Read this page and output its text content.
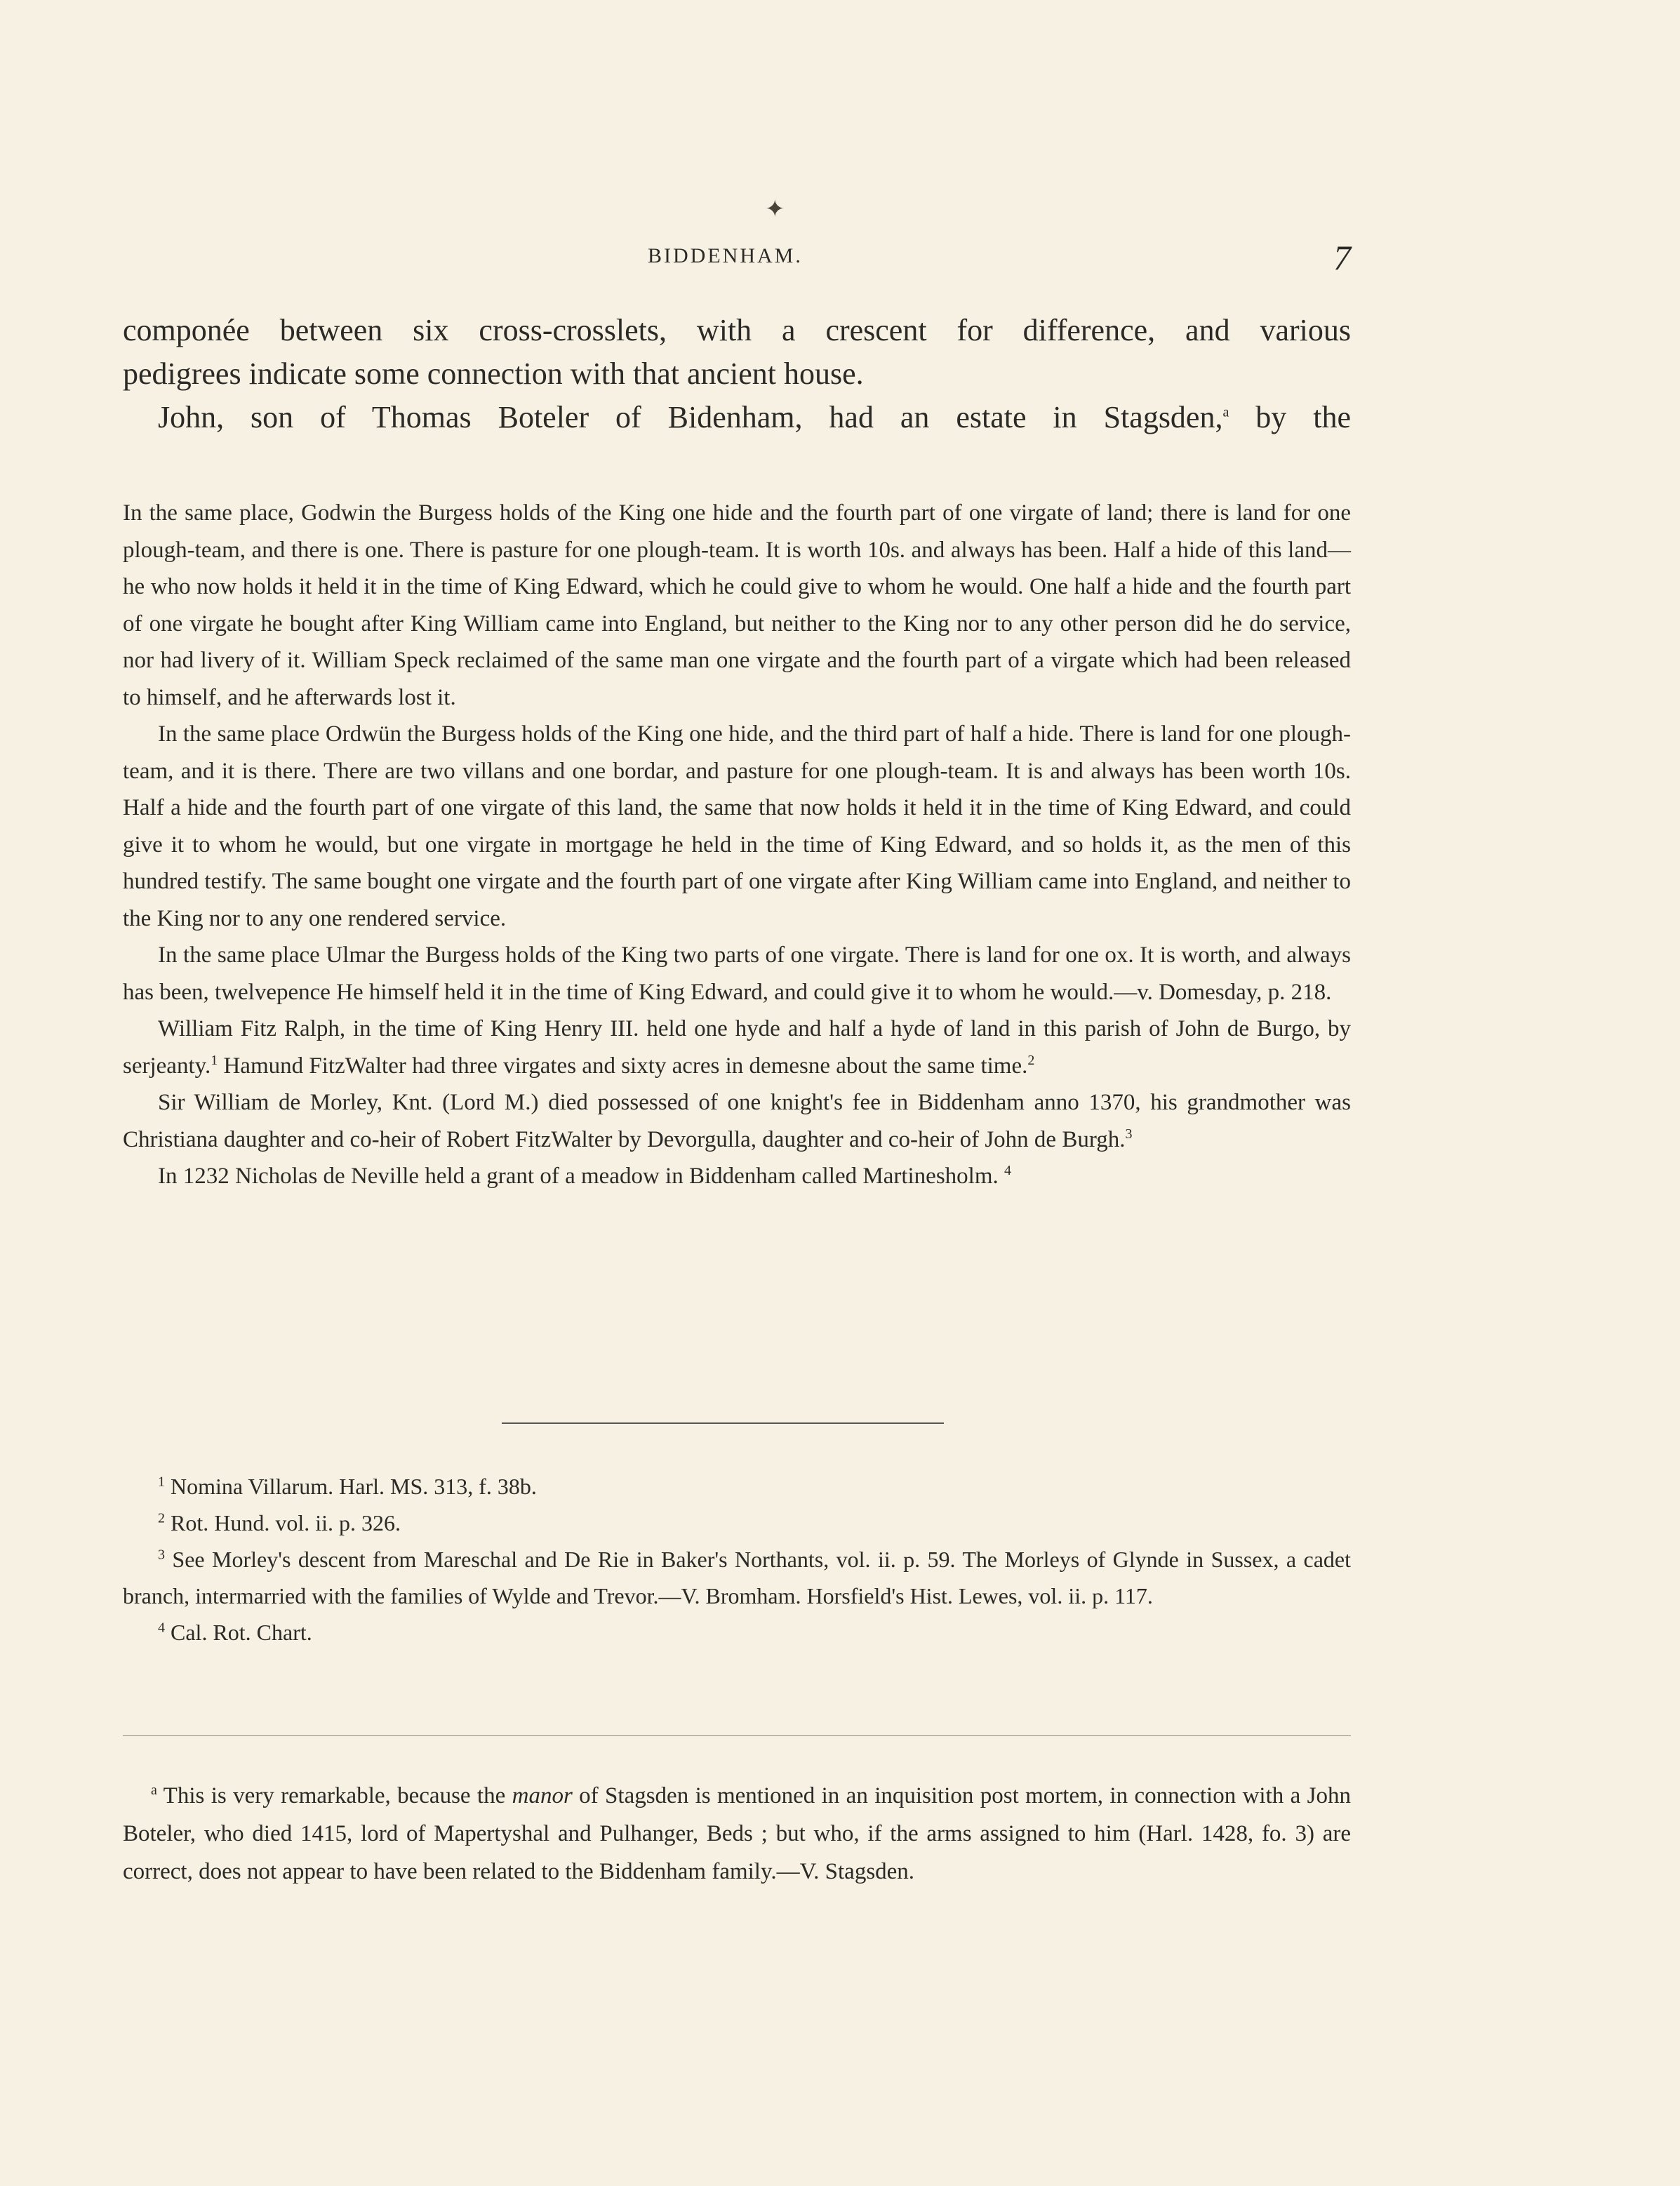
✦
BIDDENHAM.	7

componée between six cross-crosslets, with a crescent for difference, and various

pedigrees indicate some connection with that ancient house.

John, son of Thomas Boteler of Bidenham, had an estate in Stagsden,$^a$ by the

In the same place, Godwin the Burgess holds of the King one hide and the fourth part of one virgate of land; there is land for one plough-team, and there is one. There is pasture for one plough-team. It is worth 10s. and always has been. Half a hide of this land—he who now holds it held it in the time of King Edward, which he could give to whom he would. One half a hide and the fourth part of one virgate he bought after King William came into England, but neither to the King nor to any other person did he do service, nor had livery of it. William Speck reclaimed of the same man one virgate and the fourth part of a virgate which had been released to himself, and he afterwards lost it.

In the same place Ordwün the Burgess holds of the King one hide, and the third part of half a hide. There is land for one plough-team, and it is there. There are two villans and one bordar, and pasture for one plough-team. It is and always has been worth 10s. Half a hide and the fourth part of one virgate of this land, the same that now holds it held it in the time of King Edward, and could give it to whom he would, but one virgate in mortgage he held in the time of King Edward, and so holds it, as the men of this hundred testify. The same bought one virgate and the fourth part of one virgate after King William came into England, and neither to the King nor to any one rendered service.

In the same place Ulmar the Burgess holds of the King two parts of one virgate. There is land for one ox. It is worth, and always has been, twelvepence He himself held it in the time of King Edward, and could give it to whom he would.—v. Domesday, p. 218.

William Fitz Ralph, in the time of King Henry III. held one hyde and half a hyde of land in this parish of John de Burgo, by serjeanty.$^1$ Hamund FitzWalter had three virgates and sixty acres in demesne about the same time.$^2$

Sir William de Morley, Knt. (Lord M.) died possessed of one knight's fee in Biddenham anno 1370, his grandmother was Christiana daughter and co-heir of Robert FitzWalter by Devorgulla, daughter and co-heir of John de Burgh.$^3$

In 1232 Nicholas de Neville held a grant of a meadow in Biddenham called Martinesholm. $^4$

$^1$ Nomina Villarum. Harl. MS. 313, f. 38b.

$^2$ Rot. Hund. vol. ii. p. 326.

$^3$ See Morley's descent from Mareschal and De Rie in Baker's Northants, vol. ii. p. 59. The Morleys of Glynde in Sussex, a cadet branch, intermarried with the families of Wylde and Trevor.—V. Bromham. Horsfield's Hist. Lewes, vol. ii. p. 117.

$^4$ Cal. Rot. Chart.

$^a$ This is very remarkable, because the manor of Stagsden is mentioned in an inquisition post mortem, in connection with a John Boteler, who died 1415, lord of Mapertyshal and Pulhanger, Beds ; but who, if the arms assigned to him (Harl. 1428, fo. 3) are correct, does not appear to have been related to the Biddenham family.—V. Stagsden.
